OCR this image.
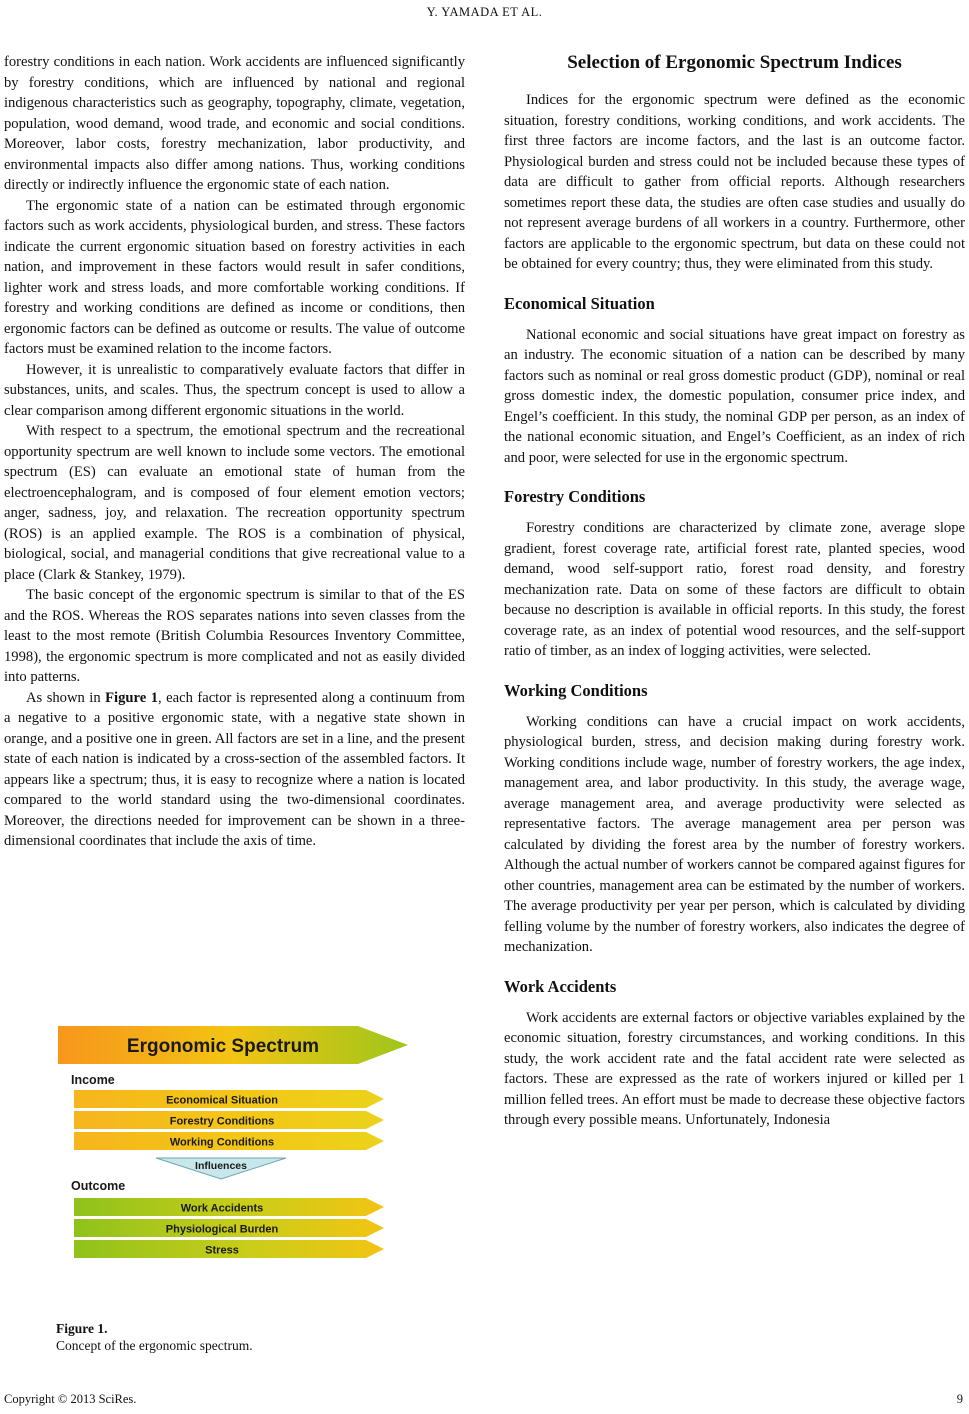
Y. YAMADA ET AL.

forestry conditions in each nation. Work accidents are influenced significantly by forestry conditions, which are influenced by national and regional indigenous characteristics such as geography, topography, climate, vegetation, population, wood demand, wood trade, and economic and social conditions. Moreover, labor costs, forestry mechanization, labor productivity, and environmental impacts also differ among nations. Thus, working conditions directly or indirectly influence the ergonomic state of each nation.

The ergonomic state of a nation can be estimated through ergonomic factors such as work accidents, physiological burden, and stress. These factors indicate the current ergonomic situation based on forestry activities in each nation, and improvement in these factors would result in safer conditions, lighter work and stress loads, and more comfortable working conditions. If forestry and working conditions are defined as income or conditions, then ergonomic factors can be defined as outcome or results. The value of outcome factors must be examined relation to the income factors.

However, it is unrealistic to comparatively evaluate factors that differ in substances, units, and scales. Thus, the spectrum concept is used to allow a clear comparison among different ergonomic situations in the world.

With respect to a spectrum, the emotional spectrum and the recreational opportunity spectrum are well known to include some vectors. The emotional spectrum (ES) can evaluate an emotional state of human from the electroencephalogram, and is composed of four element emotion vectors; anger, sadness, joy, and relaxation. The recreation opportunity spectrum (ROS) is an applied example. The ROS is a combination of physical, biological, social, and managerial conditions that give recreational value to a place (Clark & Stankey, 1979).

The basic concept of the ergonomic spectrum is similar to that of the ES and the ROS. Whereas the ROS separates nations into seven classes from the least to the most remote (British Columbia Resources Inventory Committee, 1998), the ergonomic spectrum is more complicated and not as easily divided into patterns.

As shown in Figure 1, each factor is represented along a continuum from a negative to a positive ergonomic state, with a negative state shown in orange, and a positive one in green. All factors are set in a line, and the present state of each nation is indicated by a cross-section of the assembled factors. It appears like a spectrum; thus, it is easy to recognize where a nation is located compared to the world standard using the two-dimensional coordinates. Moreover, the directions needed for improvement can be shown in a three-dimensional coordinates that include the axis of time.

Ergonomic Spectrum
Income
Economical Situation
Forestry Conditions
Working Conditions
Influences
Outcome
Work Accidents
Physiological Burden
Stress
Figure 1.
Concept of the ergonomic spectrum.
Selection of Ergonomic Spectrum Indices

Indices for the ergonomic spectrum were defined as the economic situation, forestry conditions, working conditions, and work accidents. The first three factors are income factors, and the last is an outcome factor. Physiological burden and stress could not be included because these types of data are difficult to gather from official reports. Although researchers sometimes report these data, the studies are often case studies and usually do not represent average burdens of all workers in a country. Furthermore, other factors are applicable to the ergonomic spectrum, but data on these could not be obtained for every country; thus, they were eliminated from this study.

Economical Situation

National economic and social situations have great impact on forestry as an industry. The economic situation of a nation can be described by many factors such as nominal or real gross domestic product (GDP), nominal or real gross domestic index, the domestic population, consumer price index, and Engel’s coefficient. In this study, the nominal GDP per person, as an index of the national economic situation, and Engel’s Coefficient, as an index of rich and poor, were selected for use in the ergonomic spectrum.

Forestry Conditions

Forestry conditions are characterized by climate zone, average slope gradient, forest coverage rate, artificial forest rate, planted species, wood demand, wood self-support ratio, forest road density, and forestry mechanization rate. Data on some of these factors are difficult to obtain because no description is available in official reports. In this study, the forest coverage rate, as an index of potential wood resources, and the self-support ratio of timber, as an index of logging activities, were selected.

Working Conditions

Working conditions can have a crucial impact on work accidents, physiological burden, stress, and decision making during forestry work. Working conditions include wage, number of forestry workers, the age index, management area, and labor productivity. In this study, the average wage, average management area, and average productivity were selected as representative factors. The average management area per person was calculated by dividing the forest area by the number of forestry workers. Although the actual number of workers cannot be compared against figures for other countries, management area can be estimated by the number of workers. The average productivity per year per person, which is calculated by dividing felling volume by the number of forestry workers, also indicates the degree of mechanization.

Work Accidents

Work accidents are external factors or objective variables explained by the economic situation, forestry circumstances, and working conditions. In this study, the work accident rate and the fatal accident rate were selected as factors. These are expressed as the rate of workers injured or killed per 1 million felled trees. An effort must be made to decrease these objective factors through every possible means. Unfortunately, Indonesia

Copyright © 2013 SciRes.	9
